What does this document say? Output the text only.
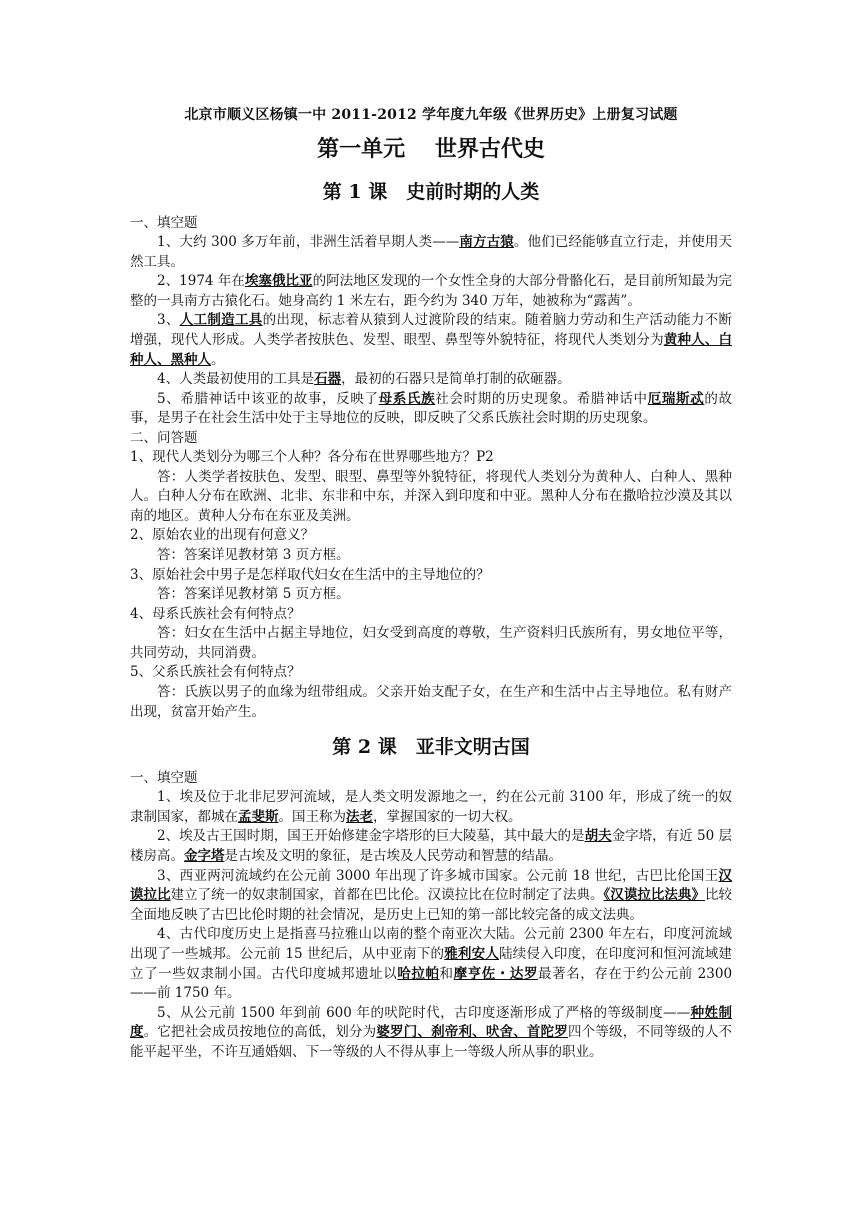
北京市顺义区杨镇一中 2011-2012 学年度九年级《世界历史》上册复习试题
第一单元　 世界古代史
第 1 课　史前时期的人类
一、填空题

1、大约 300 多万年前，非洲生活着早期人类——南方古猿。他们已经能够直立行走，并使用天然工具。

2、1974 年在埃塞俄比亚的阿法地区发现的一个女性全身的大部分骨骼化石，是目前所知最为完整的一具南方古猿化石。她身高约 1 米左右，距今约为 340 万年，她被称为“露茜”。

3、人工制造工具的出现，标志着从猿到人过渡阶段的结束。随着脑力劳动和生产活动能力不断增强，现代人形成。人类学者按肤色、发型、眼型、鼻型等外貌特征，将现代人类划分为黄种人、白种人、黑种人。

4、人类最初使用的工具是石器，最初的石器只是简单打制的砍砸器。

5、希腊神话中该亚的故事，反映了母系氏族社会时期的历史现象。希腊神话中厄瑞斯忒的故事，是男子在社会生活中处于主导地位的反映，即反映了父系氏族社会时期的历史现象。

二、问答题

1、现代人类划分为哪三个人种？各分布在世界哪些地方？P2

答：人类学者按肤色、发型、眼型、鼻型等外貌特征，将现代人类划分为黄种人、白种人、黑种人。白种人分布在欧洲、北非、东非和中东，并深入到印度和中亚。黑种人分布在撒哈拉沙漠及其以南的地区。黄种人分布在东亚及美洲。

2、原始农业的出现有何意义？

答：答案详见教材第 3 页方框。

3、原始社会中男子是怎样取代妇女在生活中的主导地位的？

答：答案详见教材第 5 页方框。

4、母系氏族社会有何特点？

答：妇女在生活中占据主导地位，妇女受到高度的尊敬，生产资料归氏族所有，男女地位平等，共同劳动，共同消费。

5、父系氏族社会有何特点？

答：氏族以男子的血缘为纽带组成。父亲开始支配子女，在生产和生活中占主导地位。私有财产出现，贫富开始产生。

第 2 课　亚非文明古国
一、填空题

1、埃及位于北非尼罗河流域，是人类文明发源地之一，约在公元前 3100 年，形成了统一的奴隶制国家，都城在孟斐斯。国王称为法老，掌握国家的一切大权。

2、埃及古王国时期，国王开始修建金字塔形的巨大陵墓，其中最大的是胡夫金字塔，有近 50 层楼房高。金字塔是古埃及文明的象征，是古埃及人民劳动和智慧的结晶。

3、西亚两河流域约在公元前 3000 年出现了许多城市国家。公元前 18 世纪，古巴比伦国王汉谟拉比建立了统一的奴隶制国家，首都在巴比伦。汉谟拉比在位时制定了法典。《汉谟拉比法典》比较全面地反映了古巴比伦时期的社会情况，是历史上已知的第一部比较完备的成文法典。

4、古代印度历史上是指喜马拉雅山以南的整个南亚次大陆。公元前 2300 年左右，印度河流域出现了一些城邦。公元前 15 世纪后，从中亚南下的雅利安人陆续侵入印度，在印度河和恒河流域建立了一些奴隶制小国。古代印度城邦遗址以哈拉帕和摩亨佐・达罗最著名，存在于约公元前 2300——前 1750 年。

5、从公元前 1500 年到前 600 年的吠陀时代，古印度逐渐形成了严格的等级制度——种姓制度。它把社会成员按地位的高低，划分为婆罗门、刹帝利、吠舍、首陀罗四个等级，不同等级的人不能平起平坐，不许互通婚姻、下一等级的人不得从事上一等级人所从事的职业。
